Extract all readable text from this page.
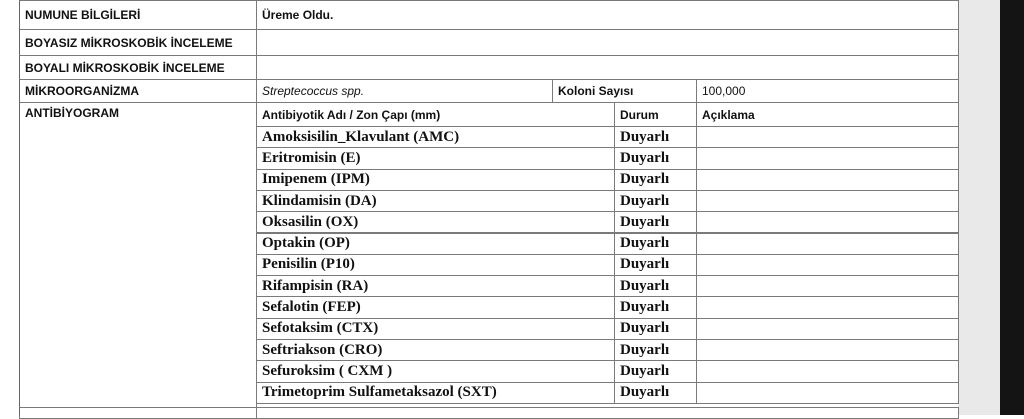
NUMUNE BİLGİLERİ	Üreme Oldu.
BOYASIZ MİKROSKOBİK İNCELEME
BOYALI MİKROSKOBİK İNCELEME
MİKROORGANİZMA	Streptecoccus spp.	Koloni Sayısı	100,000
ANTİBİYOGRAM	Antibiyotik Adı / Zon Çapı (mm)	Durum	Açıklama
Amoksisilin_Klavulant (AMC)	Duyarlı
Eritromisin (E)	Duyarlı
Imipenem (IPM)	Duyarlı
Klindamisin (DA)	Duyarlı
Oksasilin (OX)	Duyarlı
Optakin (OP)	Duyarlı
Penisilin (P10)	Duyarlı
Rifampisin (RA)	Duyarlı
Sefalotin (FEP)	Duyarlı
Sefotaksim (CTX)	Duyarlı
Seftriakson (CRO)	Duyarlı
Sefuroksim ( CXM )	Duyarlı
Trimetoprim Sulfametaksazol (SXT)	Duyarlı
